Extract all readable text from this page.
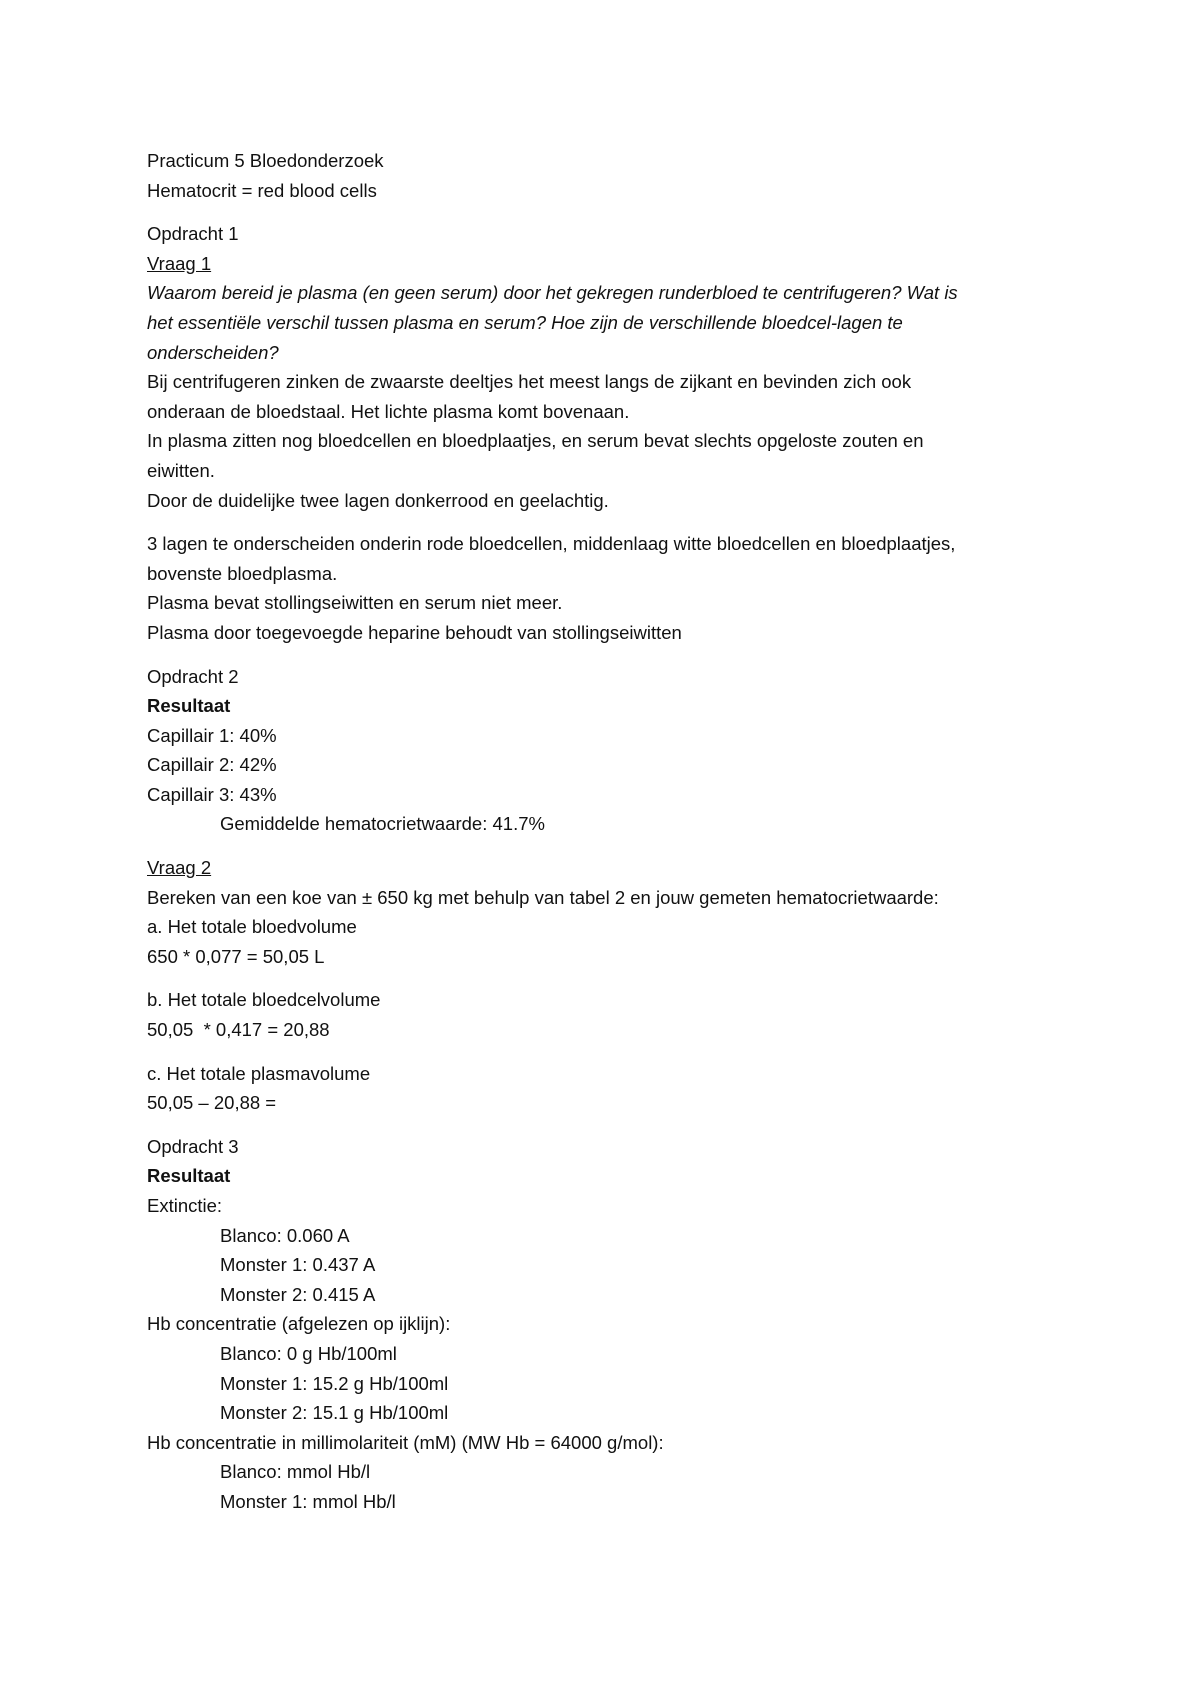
Practicum 5 Bloedonderzoek
Hematocrit = red blood cells
Opdracht 1
Vraag 1
Waarom bereid je plasma (en geen serum) door het gekregen runderbloed te centrifugeren? Wat is
het essentiële verschil tussen plasma en serum? Hoe zijn de verschillende bloedcel-lagen te
onderscheiden?
Bij centrifugeren zinken de zwaarste deeltjes het meest langs de zijkant en bevinden zich ook
onderaan de bloedstaal. Het lichte plasma komt bovenaan.
In plasma zitten nog bloedcellen en bloedplaatjes, en serum bevat slechts opgeloste zouten en
eiwitten.
Door de duidelijke twee lagen donkerrood en geelachtig.
3 lagen te onderscheiden onderin rode bloedcellen, middenlaag witte bloedcellen en bloedplaatjes,
bovenste bloedplasma.
Plasma bevat stollingseiwitten en serum niet meer.
Plasma door toegevoegde heparine behoudt van stollingseiwitten
Opdracht 2
Resultaat
Capillair 1: 40%
Capillair 2: 42%
Capillair 3: 43%
Gemiddelde hematocrietwaarde: 41.7%
Vraag 2
Bereken van een koe van ± 650 kg met behulp van tabel 2 en jouw gemeten hematocrietwaarde:
a. Het totale bloedvolume
650 * 0,077 = 50,05 L
b. Het totale bloedcelvolume
50,05  * 0,417 = 20,88
c. Het totale plasmavolume
50,05 – 20,88 =
Opdracht 3
Resultaat
Extinctie:
Blanco: 0.060 A
Monster 1: 0.437 A
Monster 2: 0.415 A
Hb concentratie (afgelezen op ijklijn):
Blanco: 0 g Hb/100ml
Monster 1: 15.2 g Hb/100ml
Monster 2: 15.1 g Hb/100ml
Hb concentratie in millimolariteit (mM) (MW Hb = 64000 g/mol):
Blanco: mmol Hb/l
Monster 1: mmol Hb/l
